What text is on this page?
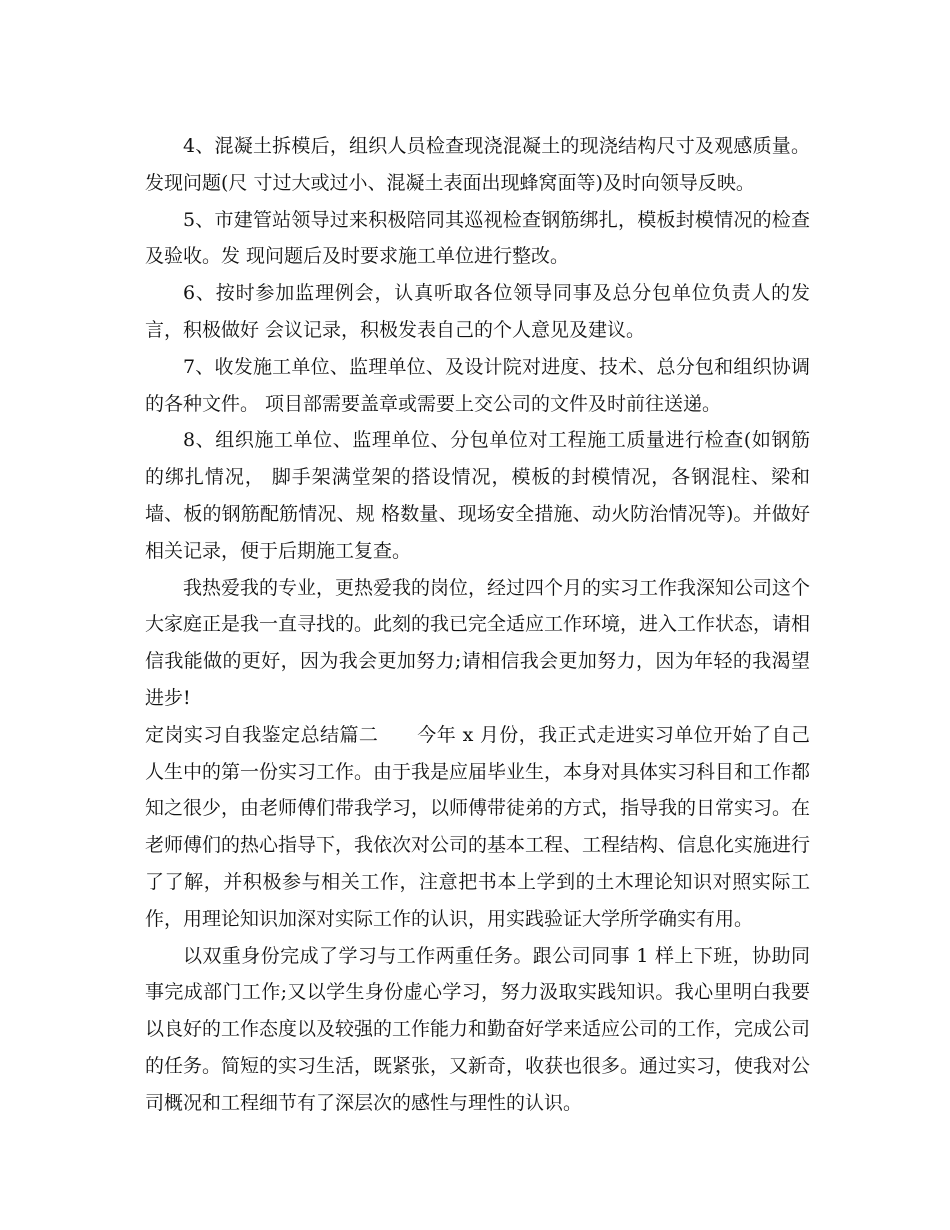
4、混凝土拆模后，组织人员检查现浇混凝土的现浇结构尺寸及观感质量。发现问题(尺 寸过大或过小、混凝土表面出现蜂窝面等)及时向领导反映。

5、市建管站领导过来积极陪同其巡视检查钢筋绑扎，模板封模情况的检查及验收。发 现问题后及时要求施工单位进行整改。

6、按时参加监理例会，认真听取各位领导同事及总分包单位负责人的发言，积极做好 会议记录，积极发表自己的个人意见及建议。

7、收发施工单位、监理单位、及设计院对进度、技术、总分包和组织协调的各种文件。 项目部需要盖章或需要上交公司的文件及时前往送递。

8、组织施工单位、监理单位、分包单位对工程施工质量进行检查(如钢筋的绑扎情况， 脚手架满堂架的搭设情况，模板的封模情况，各钢混柱、梁和墙、板的钢筋配筋情况、规 格数量、现场安全措施、动火防治情况等)。并做好相关记录，便于后期施工复查。

我热爱我的专业，更热爱我的岗位，经过四个月的实习工作我深知公司这个大家庭正是我一直寻找的。此刻的我已完全适应工作环境，进入工作状态，请相信我能做的更好，因为我会更加努力;请相信我会更加努力，因为年轻的我渴望进步!

定岗实习自我鉴定总结篇二　　今年 x 月份，我正式走进实习单位开始了自己人生中的第一份实习工作。由于我是应届毕业生，本身对具体实习科目和工作都知之很少，由老师傅们带我学习，以师傅带徒弟的方式，指导我的日常实习。在老师傅们的热心指导下，我依次对公司的基本工程、工程结构、信息化实施进行了了解，并积极参与相关工作，注意把书本上学到的土木理论知识对照实际工作，用理论知识加深对实际工作的认识，用实践验证大学所学确实有用。

以双重身份完成了学习与工作两重任务。跟公司同事 1 样上下班，协助同事完成部门工作;又以学生身份虚心学习，努力汲取实践知识。我心里明白我要以良好的工作态度以及较强的工作能力和勤奋好学来适应公司的工作，完成公司的任务。简短的实习生活，既紧张，又新奇，收获也很多。通过实习，使我对公司概况和工程细节有了深层次的感性与理性的认识。
